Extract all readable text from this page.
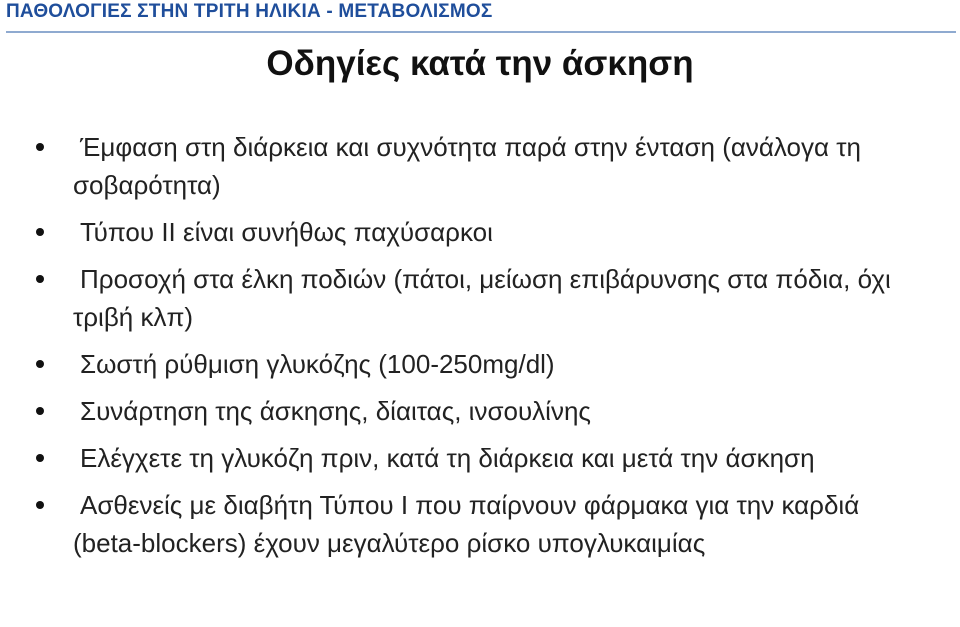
ΠΑΘΟΛΟΓΙΕΣ ΣΤΗΝ ΤΡΙΤΗ ΗΛΙΚΙΑ - ΜΕΤΑΒΟΛΙΣΜΟΣ
Οδηγίες κατά την άσκηση
Έμφαση στη διάρκεια και συχνότητα παρά στην ένταση (ανάλογα τη σοβαρότητα)
Τύπου ΙΙ είναι συνήθως παχύσαρκοι
Προσοχή στα έλκη ποδιών (πάτοι, μείωση επιβάρυνσης στα πόδια, όχι τριβή κλπ)
Σωστή ρύθμιση γλυκόζης (100-250mg/dl)
Συνάρτηση της άσκησης, δίαιτας, ινσουλίνης
Ελέγχετε τη γλυκόζη πριν, κατά τη διάρκεια και μετά την άσκηση
Ασθενείς με διαβήτη Τύπου Ι που παίρνουν φάρμακα για την καρδιά (beta-blockers) έχουν μεγαλύτερο ρίσκο υπογλυκαιμίας
